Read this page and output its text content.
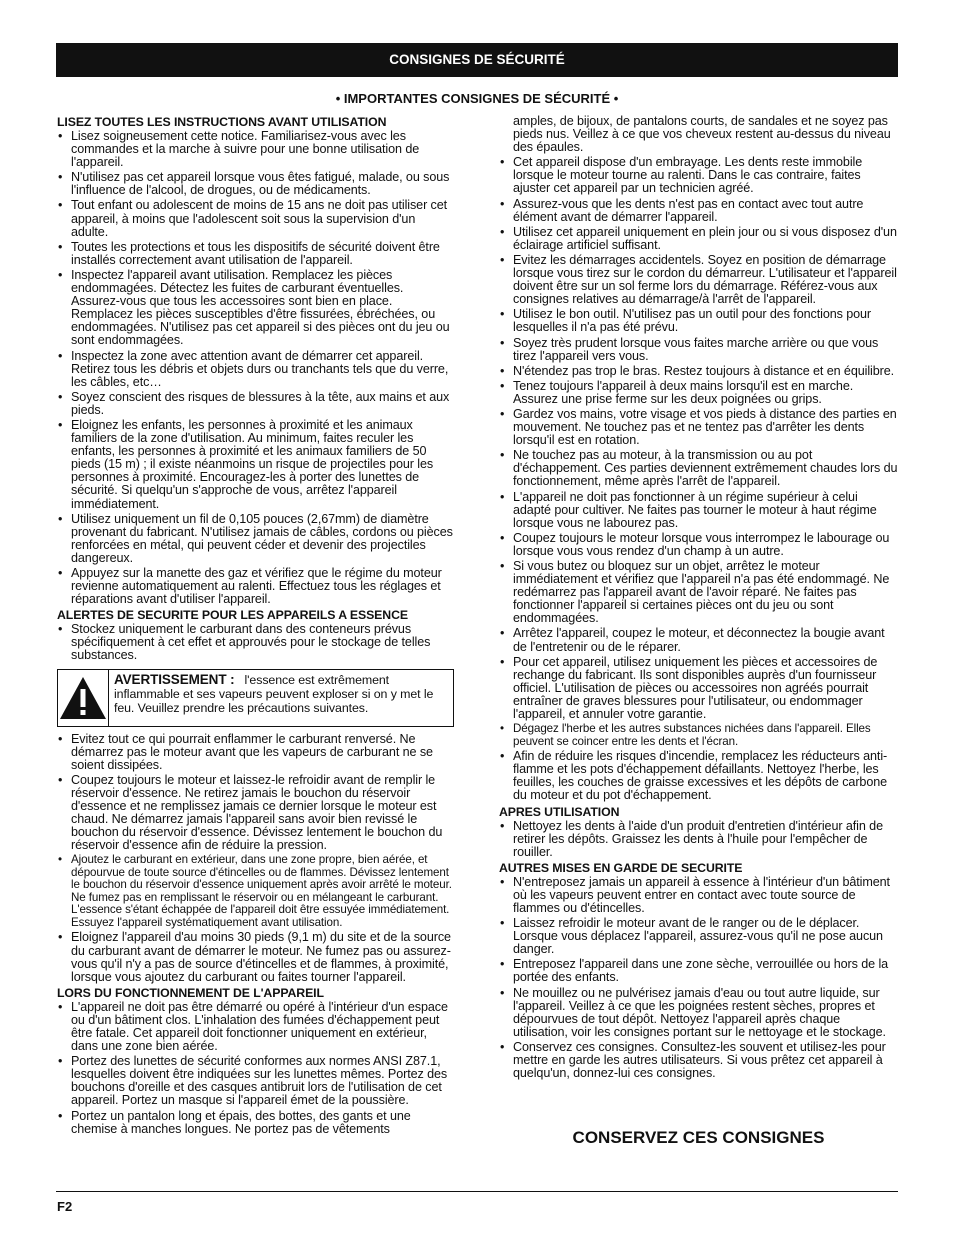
CONSIGNES DE SÉCURITÉ
• IMPORTANTES CONSIGNES DE SÉCURITÉ •
LISEZ TOUTES LES INSTRUCTIONS AVANT UTILISATION
• Lisez soigneusement cette notice. Familiarisez-vous avec les commandes et la marche à suivre pour une bonne utilisation de l'appareil.
• N'utilisez pas cet appareil lorsque vous êtes fatigué, malade, ou sous l'influence de l'alcool, de drogues, ou de médicaments.
• Tout enfant ou adolescent de moins de 15 ans ne doit pas utiliser cet appareil, à moins que l'adolescent soit sous la supervision d'un adulte.
• Toutes les protections et tous les dispositifs de sécurité doivent être installés correctement avant utilisation de l'appareil.
• Inspectez l'appareil avant utilisation. Remplacez les pièces endommagées. Détectez les fuites de carburant éventuelles. Assurez-vous que tous les accessoires sont bien en place. Remplacez les pièces susceptibles d'être fissurées, ébréchées, ou endommagées. N'utilisez pas cet appareil si des pièces ont du jeu ou sont endommagées.
• Inspectez la zone avec attention avant de démarrer cet appareil. Retirez tous les débris et objets durs ou tranchants tels que du verre, les câbles, etc…
• Soyez conscient des risques de blessures à la tête, aux mains et aux pieds.
• Eloignez les enfants, les personnes à proximité et les animaux familiers de la zone d'utilisation. Au minimum, faites reculer les enfants, les personnes à proximité et les animaux familiers de 50 pieds (15 m) ; il existe néanmoins un risque de projectiles pour les personnes à proximité. Encouragez-les à porter des lunettes de sécurité. Si quelqu'un s'approche de vous, arrêtez l'appareil immédiatement.
• Utilisez uniquement un fil de 0,105 pouces (2,67mm) de diamètre provenant du fabricant. N'utilisez jamais de câbles, cordons ou pièces renforcées en métal, qui peuvent céder et devenir des projectiles dangereux.
• Appuyez sur la manette des gaz et vérifiez que le régime du moteur revienne automatiquement au ralenti. Effectuez tous les réglages et réparations avant d'utiliser l'appareil.
ALERTES DE SECURITE POUR LES APPAREILS A ESSENCE
• Stockez uniquement le carburant dans des conteneurs prévus spécifiquement à cet effet et approuvés pour le stockage de telles substances.
AVERTISSEMENT : l'essence est extrêmement inflammable et ses vapeurs peuvent exploser si on y met le feu. Veuillez prendre les précautions suivantes.
• Evitez tout ce qui pourrait enflammer le carburant renversé. Ne démarrez pas le moteur avant que les vapeurs de carburant ne se soient dissipées.
• Coupez toujours le moteur et laissez-le refroidir avant de remplir le réservoir d'essence. Ne retirez jamais le bouchon du réservoir d'essence et ne remplissez jamais ce dernier lorsque le moteur est chaud. Ne démarrez jamais l'appareil sans avoir bien revissé le bouchon du réservoir d'essence. Dévissez lentement le bouchon du réservoir d'essence afin de réduire la pression.
• Ajoutez le carburant en extérieur, dans une zone propre, bien aérée, et dépourvue de toute source d'étincelles ou de flammes. Dévissez lentement le bouchon du réservoir d'essence uniquement après avoir arrêté le moteur. Ne fumez pas en remplissant le réservoir ou en mélangeant le carburant. L'essence s'étant échappée de l'appareil doit être essuyée immédiatement. Essuyez l'appareil systématiquement avant utilisation.
• Eloignez l'appareil d'au moins 30 pieds (9,1 m) du site et de la source du carburant avant de démarrer le moteur. Ne fumez pas ou assurez-vous qu'il n'y a pas de source d'étincelles et de flammes, à proximité, lorsque vous ajoutez du carburant ou faites tourner l'appareil.
LORS DU FONCTIONNEMENT DE L'APPAREIL
• L'appareil ne doit pas être démarré ou opéré à l'intérieur d'un espace ou d'un bâtiment clos. L'inhalation des fumées d'échappement peut être fatale. Cet appareil doit fonctionner uniquement en extérieur, dans une zone bien aérée.
• Portez des lunettes de sécurité conformes aux normes ANSI Z87.1, lesquelles doivent être indiquées sur les lunettes mêmes. Portez des bouchons d'oreille et des casques antibruit lors de l'utilisation de cet appareil. Portez un masque si l'appareil émet de la poussière.
• Portez un pantalon long et épais, des bottes, des gants et une chemise à manches longues. Ne portez pas de vêtements
amples, de bijoux, de pantalons courts, de sandales et ne soyez pas pieds nus. Veillez à ce que vos cheveux restent au-dessus du niveau des épaules.
• Cet appareil dispose d'un embrayage. Les dents reste immobile lorsque le moteur tourne au ralenti. Dans le cas contraire, faites ajuster cet appareil par un technicien agréé.
• Assurez-vous que les dents n'est pas en contact avec tout autre élément avant de démarrer l'appareil.
• Utilisez cet appareil uniquement en plein jour ou si vous disposez d'un éclairage artificiel suffisant.
• Evitez les démarrages accidentels. Soyez en position de démarrage lorsque vous tirez sur le cordon du démarreur. L'utilisateur et l'appareil doivent être sur un sol ferme lors du démarrage. Référez-vous aux consignes relatives au démarrage/à l'arrêt de l'appareil.
• Utilisez le bon outil. N'utilisez pas un outil pour des fonctions pour lesquelles il n'a pas été prévu.
• Soyez très prudent lorsque vous faites marche arrière ou que vous tirez l'appareil vers vous.
• N'étendez pas trop le bras. Restez toujours à distance et en équilibre.
• Tenez toujours l'appareil à deux mains lorsqu'il est en marche. Assurez une prise ferme sur les deux poignées ou grips.
• Gardez vos mains, votre visage et vos pieds à distance des parties en mouvement. Ne touchez pas et ne tentez pas d'arrêter les dents lorsqu'il est en rotation.
• Ne touchez pas au moteur, à la transmission ou au pot d'échappement. Ces parties deviennent extrêmement chaudes lors du fonctionnement, même après l'arrêt de l'appareil.
• L'appareil ne doit pas fonctionner à un régime supérieur à celui adapté pour cultiver. Ne faites pas tourner le moteur à haut régime lorsque vous ne labourez pas.
• Coupez toujours le moteur lorsque vous interrompez le labourage ou lorsque vous vous rendez d'un champ à un autre.
• Si vous butez ou bloquez sur un objet, arrêtez le moteur immédiatement et vérifiez que l'appareil n'a pas été endommagé. Ne redémarrez pas l'appareil avant de l'avoir réparé. Ne faites pas fonctionner l'appareil si certaines pièces ont du jeu ou sont endommagées.
• Arrêtez l'appareil, coupez le moteur, et déconnectez la bougie avant de l'entretenir ou de le réparer.
• Pour cet appareil, utilisez uniquement les pièces et accessoires de rechange du fabricant. Ils sont disponibles auprès d'un fournisseur officiel. L'utilisation de pièces ou accessoires non agréés pourrait entraîner de graves blessures pour l'utilisateur, ou endommager l'appareil, et annuler votre garantie.
• Dégagez l'herbe et les autres substances nichées dans l'appareil. Elles peuvent se coincer entre les dents et l'écran.
• Afin de réduire les risques d'incendie, remplacez les réducteurs anti-flamme et les pots d'échappement défaillants. Nettoyez l'herbe, les feuilles, les couches de graisse excessives et les dépôts de carbone du moteur et du pot d'échappement.
APRES UTILISATION
• Nettoyez les dents à l'aide d'un produit d'entretien d'intérieur afin de retirer les dépôts. Graissez les dents à l'huile pour l'empêcher de rouiller.
AUTRES MISES EN GARDE DE SECURITE
• N'entreposez jamais un appareil à essence à l'intérieur d'un bâtiment où les vapeurs peuvent entrer en contact avec toute source de flammes ou d'étincelles.
• Laissez refroidir le moteur avant de le ranger ou de le déplacer. Lorsque vous déplacez l'appareil, assurez-vous qu'il ne pose aucun danger.
• Entreposez l'appareil dans une zone sèche, verrouillée ou hors de la portée des enfants.
• Ne mouillez ou ne pulvérisez jamais d'eau ou tout autre liquide, sur l'appareil. Veillez à ce que les poignées restent sèches, propres et dépourvues de tout dépôt. Nettoyez l'appareil après chaque utilisation, voir les consignes portant sur le nettoyage et le stockage.
• Conservez ces consignes. Consultez-les souvent et utilisez-les pour mettre en garde les autres utilisateurs. Si vous prêtez cet appareil à quelqu'un, donnez-lui ces consignes.
CONSERVEZ CES CONSIGNES
F2
